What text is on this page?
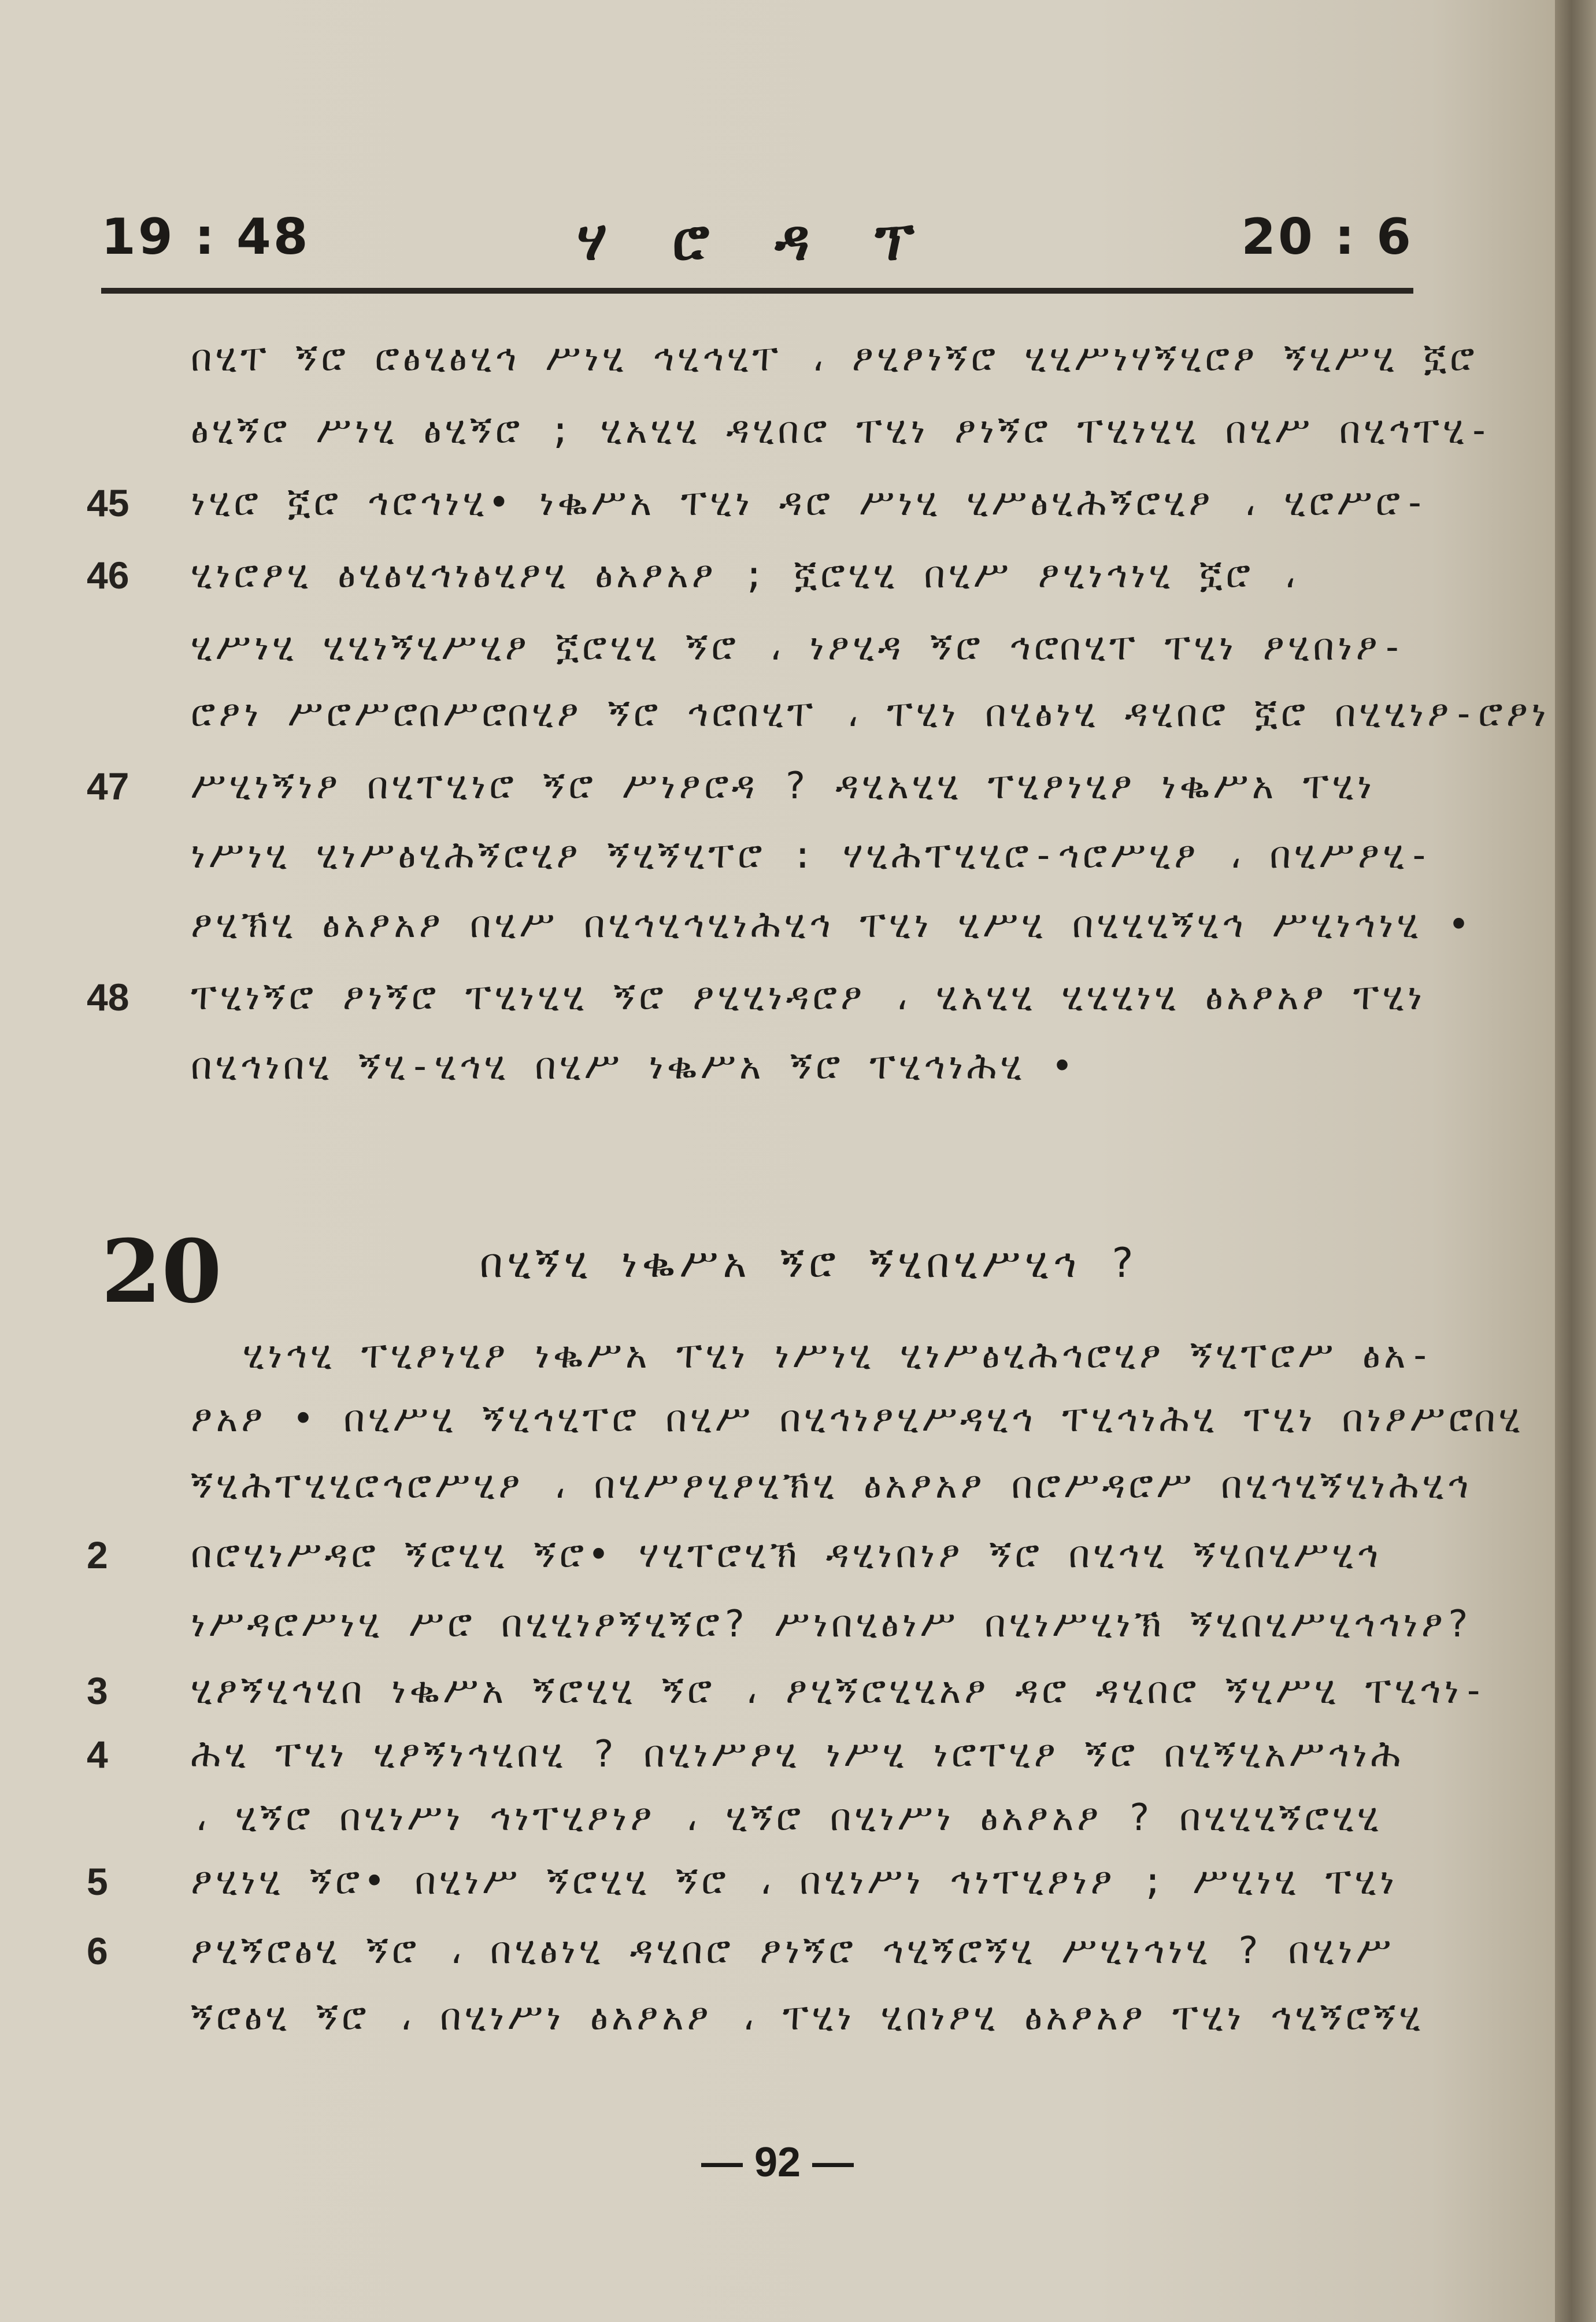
19 : 48	ሃ ሮ ዳ ፕ	20 : 6
45
46
47
48
2
3
4
5
6
በሂፐ ኝሮ ሮፅሂፅሂኅ ሥነሂ ኅሂኅሂፐ ، ፆሂፆነኝሮ ሂሂሥነሃኝሂሮፆ ኝሂሥሂ ኟሮ
ፅሂኝሮ ሥነሂ ፅሂኝሮ ; ሂአሂሂ ዳሂበሮ ፐሂነ ፆነኝሮ ፐሂነሂሂ በሂሥ በሂኅፐሂ-
ነሂሮ ኟሮ ኅሮኅነሂ• ነቈሥአ ፐሂነ ዳሮ ሥነሂ ሂሥፅሂሕኝሮሂፆ ، ሂሮሥሮ-
ሂነሮፆሂ ፅሂፅሂኅነፅሂፆሂ ፅአፆአፆ ; ኟሮሂሂ በሂሥ ፆሂነኅነሂ ኟሮ ،
ሂሥነሂ ሂሂነኝሂሥሂፆ ኟሮሂሂ ኝሮ ، ነፆሂዳ ኝሮ ኅሮበሂፐ ፐሂነ ፆሂበነፆ-
ሮፆነ ሥሮሥሮበሥሮበሂፆ ኝሮ ኅሮበሂፐ ، ፐሂነ በሂፅነሂ ዳሂበሮ ኟሮ በሂሂነፆ-ሮፆነ
ሥሂነኝነፆ በሂፐሂነሮ ኝሮ ሥነፆሮዳ ? ዳሂአሂሂ ፐሂፆነሂፆ ነቈሥአ ፐሂነ
ነሥነሂ ሂነሥፅሂሕኝሮሂፆ ኝሂኝሂፐሮ : ሃሂሕፐሂሂሮ-ኅሮሥሂፆ ، በሂሥፆሂ-
ፆሂኽሂ ፅአፆአፆ በሂሥ በሂኅሂኅሂነሕሂኅ ፐሂነ ሂሥሂ በሂሂሂኝሂኅ ሥሂነኅነሂ •
ፐሂነኝሮ ፆነኝሮ ፐሂነሂሂ ኝሮ ፆሂሂነዳሮፆ ، ሂአሂሂ ሂሂሂነሂ ፅአፆአፆ ፐሂነ
በሂኅነበሂ ኝሂ-ሂኅሂ በሂሥ ነቈሥአ ኝሮ ፐሂኅነሕሂ •
20	በሂኝሂ ነቈሥአ ኝሮ ኝሂበሂሥሂኅ ?
ሂነኅሂ ፐሂፆነሂፆ ነቈሥአ ፐሂነ ነሥነሂ ሂነሥፅሂሕኅሮሂፆ ኝሂፐሮሥ ፅአ-
ፆአፆ • በሂሥሂ ኝሂኅሂፐሮ በሂሥ በሂኅነፆሂሥዳሂኅ ፐሂኅነሕሂ ፐሂነ በነፆሥሮበሂ
ኝሂሕፐሂሂሮኅሮሥሂፆ ، በሂሥፆሂፆሂኽሂ ፅአፆአፆ በሮሥዳሮሥ በሂኅሂኝሂነሕሂኅ
በሮሂነሥዳሮ ኝሮሂሂ ኝሮ• ሃሂፐሮሂኽ ዳሂነበነፆ ኝሮ በሂኅሂ ኝሂበሂሥሂኅ
ነሥዳሮሥነሂ ሥሮ በሂሂነፆኝሂኝሮ? ሥነበሂፅነሥ በሂነሥሂነኽ ኝሂበሂሥሂኅኅነፆ?
ሂፆኝሂኅሂበ ነቈሥአ ኝሮሂሂ ኝሮ ، ፆሂኝሮሂሂአፆ ዳሮ ዳሂበሮ ኝሂሥሂ ፐሂኅነ-
ሕሂ ፐሂነ ሂፆኝነኅሂበሂ ? በሂነሥፆሂ ነሥሂ ነሮፐሂፆ ኝሮ በሂኝሂአሥኅነሕ
، ሂኝሮ በሂነሥነ ኅነፐሂፆነፆ ، ሂኝሮ በሂነሥነ ፅአፆአፆ ? በሂሂሂኝሮሂሂ
ፆሂነሂ ኝሮ• በሂነሥ ኝሮሂሂ ኝሮ ، በሂነሥነ ኅነፐሂፆነፆ ; ሥሂነሂ ፐሂነ
ፆሂኝሮፅሂ ኝሮ ، በሂፅነሂ ዳሂበሮ ፆነኝሮ ኅሂኝሮኝሂ ሥሂነኅነሂ ? በሂነሥ
ኝሮፅሂ ኝሮ ، በሂነሥነ ፅአፆአፆ ، ፐሂነ ሂበነፆሂ ፅአፆአፆ ፐሂነ ኅሂኝሮኝሂ
— 92 —
